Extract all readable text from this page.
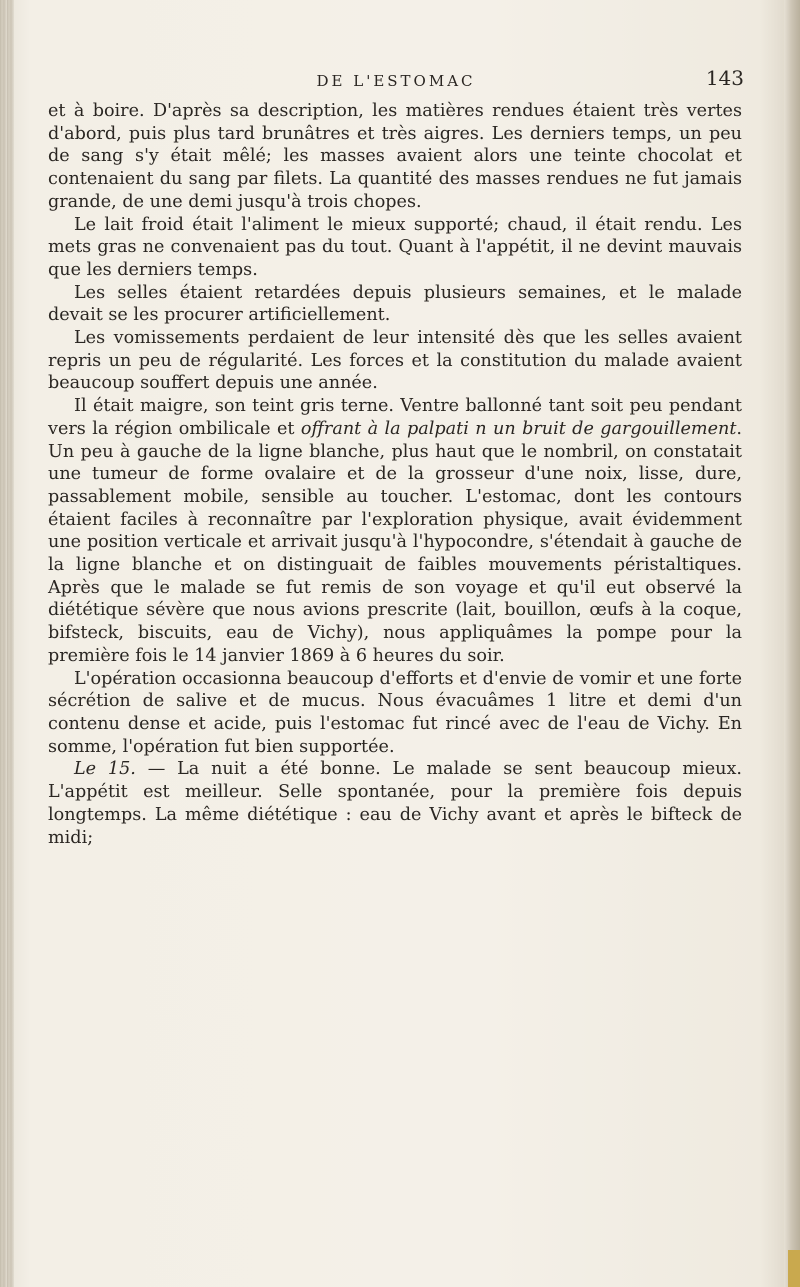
DE L'ESTOMAC	143

et à boire. D'après sa description, les matières rendues étaient très vertes d'abord, puis plus tard brunâtres et très aigres. Les derniers temps, un peu de sang s'y était mêlé; les masses avaient alors une teinte chocolat et contenaient du sang par filets. La quantité des masses rendues ne fut jamais grande, de une demi jusqu'à trois chopes.

Le lait froid était l'aliment le mieux supporté; chaud, il était rendu. Les mets gras ne convenaient pas du tout. Quant à l'appétit, il ne devint mauvais que les derniers temps.

Les selles étaient retardées depuis plusieurs semaines, et le malade devait se les procurer artificiellement.

Les vomissements perdaient de leur intensité dès que les selles avaient repris un peu de régularité. Les forces et la constitution du malade avaient beaucoup souffert depuis une année.

Il était maigre, son teint gris terne. Ventre ballonné tant soit peu pendant vers la région ombilicale et offrant à la palpati n un bruit de gargouillement. Un peu à gauche de la ligne blanche, plus haut que le nombril, on constatait une tumeur de forme ovalaire et de la grosseur d'une noix, lisse, dure, passablement mobile, sensible au toucher. L'estomac, dont les contours étaient faciles à reconnaître par l'exploration physique, avait évidemment une position verticale et arrivait jusqu'à l'hypocondre, s'étendait à gauche de la ligne blanche et on distinguait de faibles mouvements péristaltiques. Après que le malade se fut remis de son voyage et qu'il eut observé la diététique sévère que nous avions prescrite (lait, bouillon, œufs à la coque, bifsteck, biscuits, eau de Vichy), nous appliquâmes la pompe pour la première fois le 14 janvier 1869 à 6 heures du soir.

L'opération occasionna beaucoup d'efforts et d'envie de vomir et une forte sécrétion de salive et de mucus. Nous évacuâmes 1 litre et demi d'un contenu dense et acide, puis l'estomac fut rincé avec de l'eau de Vichy. En somme, l'opération fut bien supportée.

Le 15. — La nuit a été bonne. Le malade se sent beaucoup mieux. L'appétit est meilleur. Selle spontanée, pour la première fois depuis longtemps. La même diététique : eau de Vichy avant et après le bifteck de midi;
